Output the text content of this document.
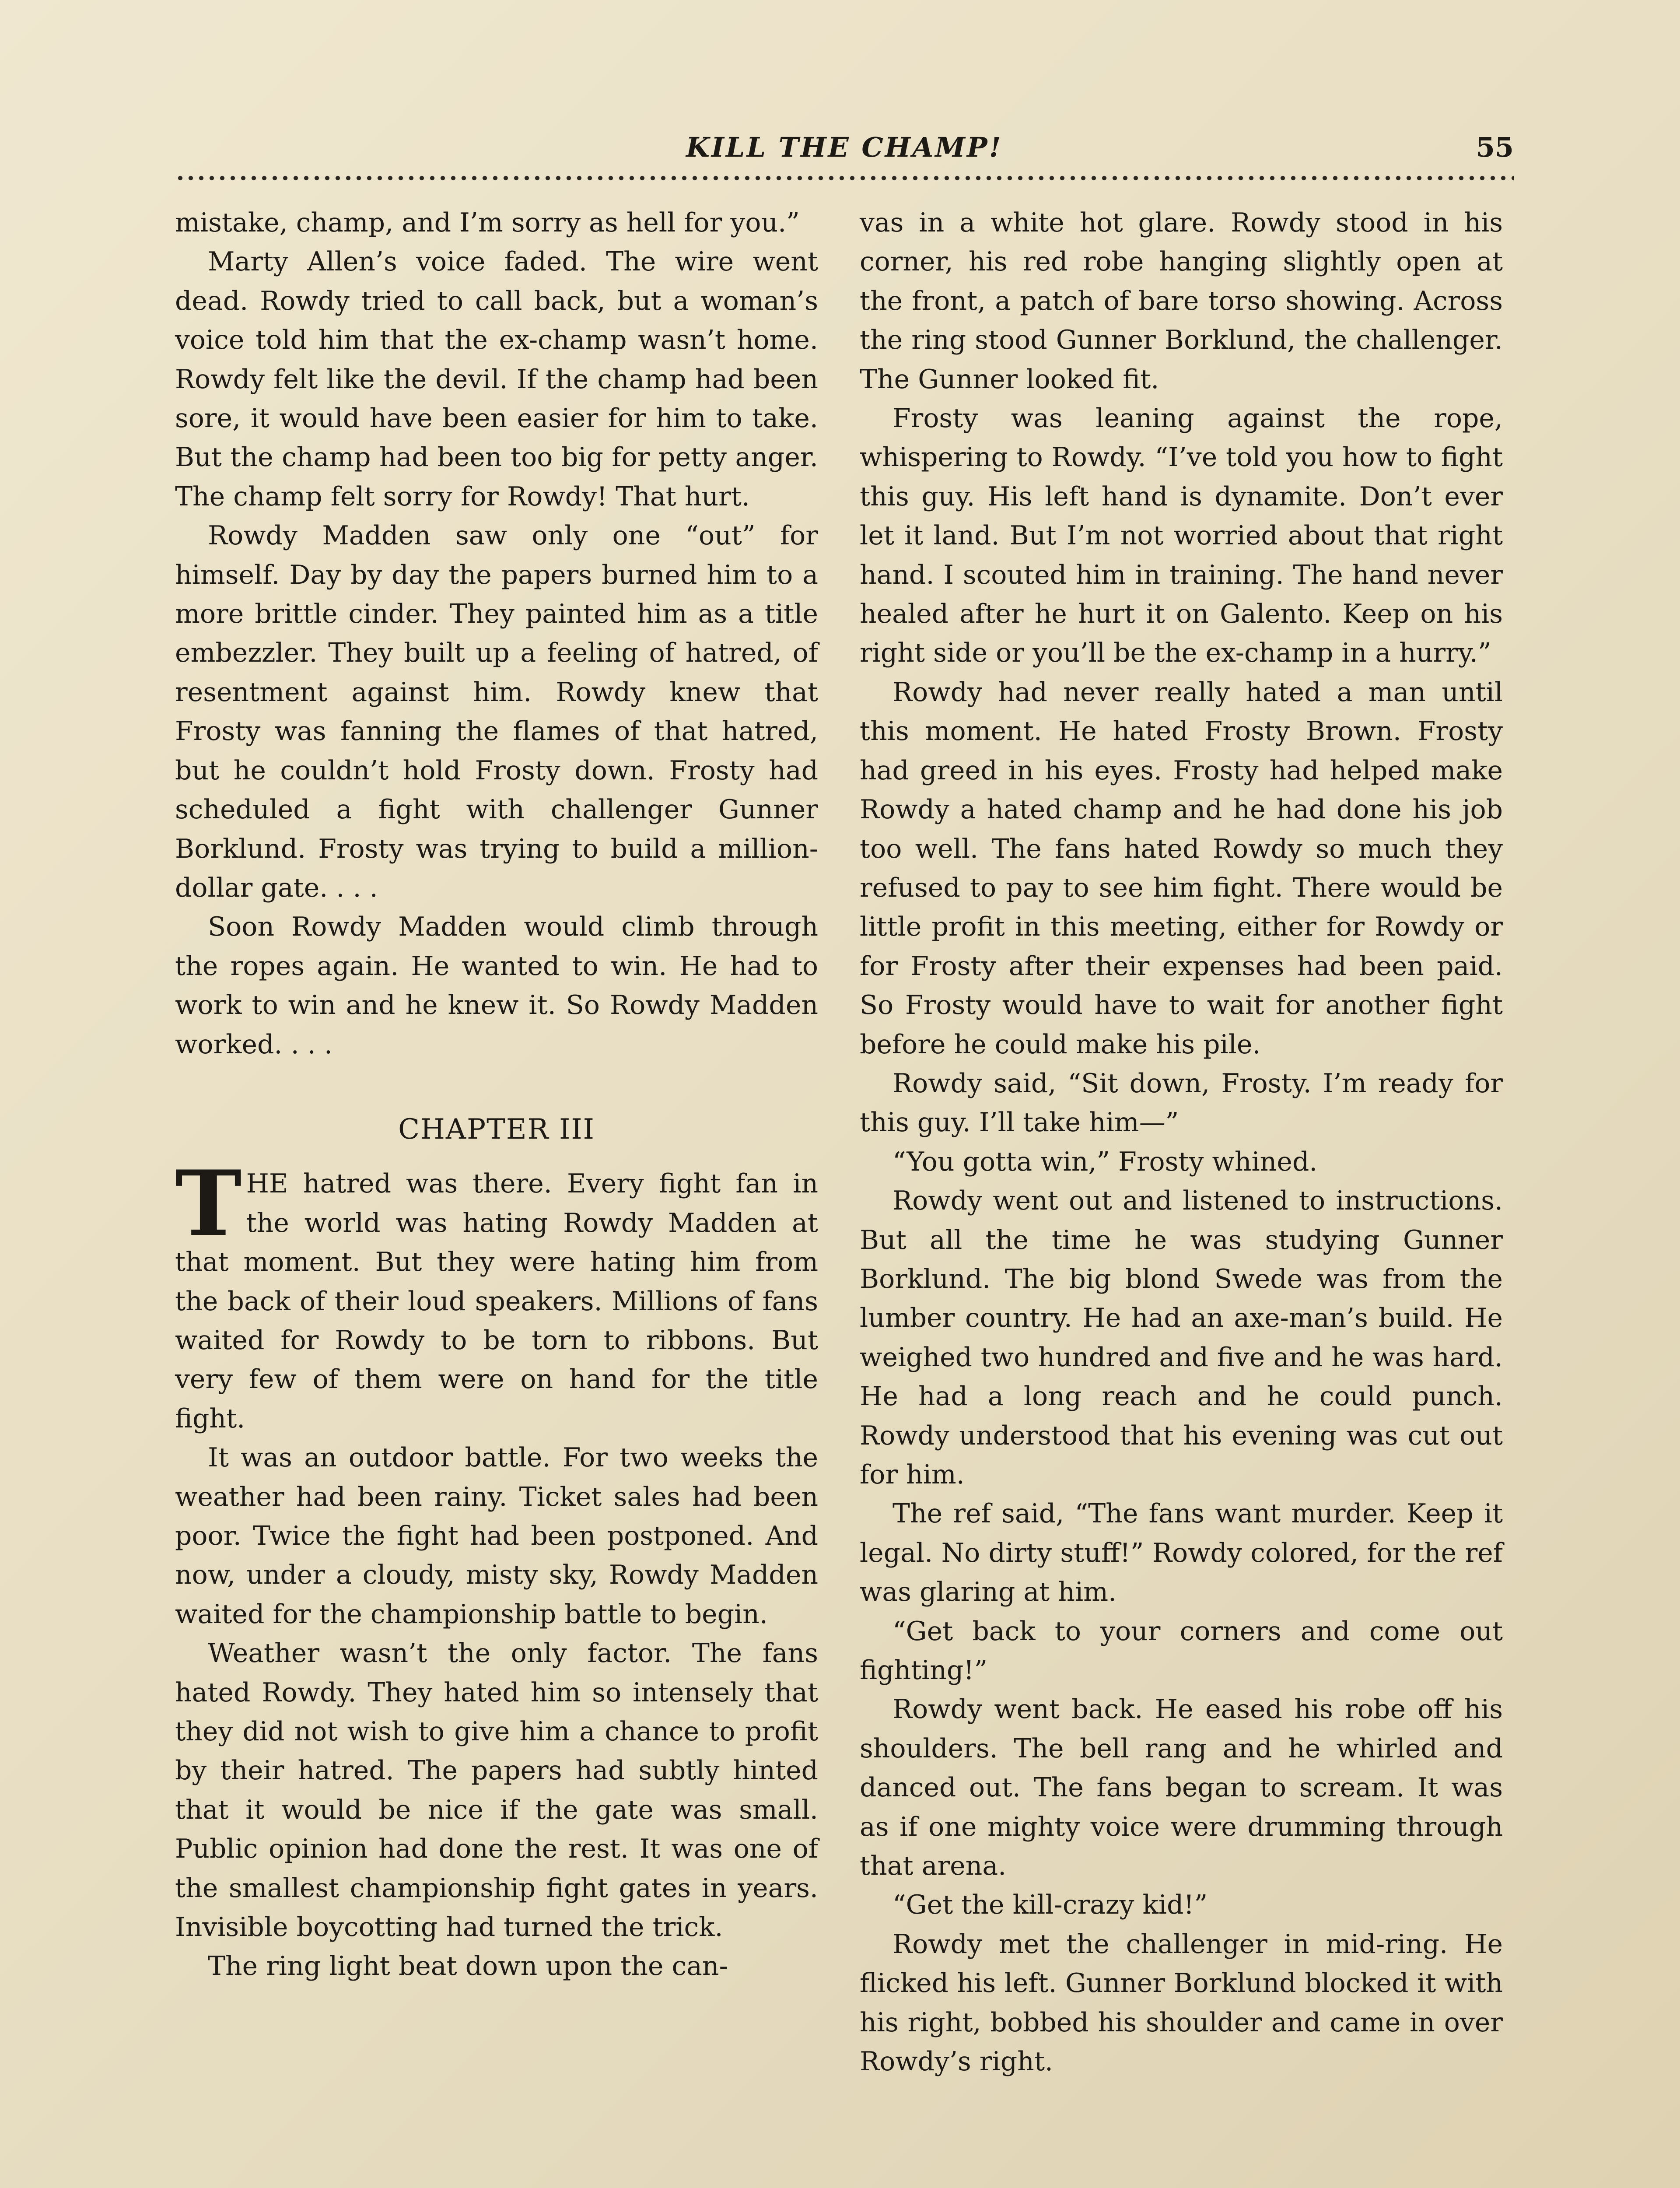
KILL THE CHAMP!	55

mistake, champ, and I’m sorry as hell for you.”

Marty Allen’s voice faded. The wire went dead. Rowdy tried to call back, but a woman’s voice told him that the ex-champ wasn’t home. Rowdy felt like the devil. If the champ had been sore, it would have been easier for him to take. But the champ had been too big for petty anger. The champ felt sorry for Rowdy! That hurt.

Rowdy Madden saw only one “out” for himself. Day by day the papers burned him to a more brittle cinder. They painted him as a title embezzler. They built up a feeling of hatred, of resentment against him. Rowdy knew that Frosty was fanning the flames of that hatred, but he couldn’t hold Frosty down. Frosty had scheduled a fight with challenger Gunner Borklund. Frosty was trying to build a million-dollar gate. . . .

Soon Rowdy Madden would climb through the ropes again. He wanted to win. He had to work to win and he knew it. So Rowdy Madden worked. . . .

CHAPTER III

THE hatred was there. Every fight fan in the world was hating Rowdy Madden at that moment. But they were hating him from the back of their loud speakers. Millions of fans waited for Rowdy to be torn to ribbons. But very few of them were on hand for the title fight.

It was an outdoor battle. For two weeks the weather had been rainy. Ticket sales had been poor. Twice the fight had been postponed. And now, under a cloudy, misty sky, Rowdy Madden waited for the championship battle to begin.

Weather wasn’t the only factor. The fans hated Rowdy. They hated him so intensely that they did not wish to give him a chance to profit by their hatred. The papers had subtly hinted that it would be nice if the gate was small. Public opinion had done the rest. It was one of the smallest championship fight gates in years. Invisible boycotting had turned the trick.

The ring light beat down upon the can-

vas in a white hot glare. Rowdy stood in his corner, his red robe hanging slightly open at the front, a patch of bare torso showing. Across the ring stood Gunner Borklund, the challenger. The Gunner looked fit.

Frosty was leaning against the rope, whispering to Rowdy. “I’ve told you how to fight this guy. His left hand is dynamite. Don’t ever let it land. But I’m not worried about that right hand. I scouted him in training. The hand never healed after he hurt it on Galento. Keep on his right side or you’ll be the ex-champ in a hurry.”

Rowdy had never really hated a man until this moment. He hated Frosty Brown. Frosty had greed in his eyes. Frosty had helped make Rowdy a hated champ and he had done his job too well. The fans hated Rowdy so much they refused to pay to see him fight. There would be little profit in this meeting, either for Rowdy or for Frosty after their expenses had been paid. So Frosty would have to wait for another fight before he could make his pile.

Rowdy said, “Sit down, Frosty. I’m ready for this guy. I’ll take him—”

“You gotta win,” Frosty whined.

Rowdy went out and listened to instructions. But all the time he was studying Gunner Borklund. The big blond Swede was from the lumber country. He had an axe-man’s build. He weighed two hundred and five and he was hard. He had a long reach and he could punch. Rowdy understood that his evening was cut out for him.

The ref said, “The fans want murder. Keep it legal. No dirty stuff!” Rowdy colored, for the ref was glaring at him.

“Get back to your corners and come out fighting!”

Rowdy went back. He eased his robe off his shoulders. The bell rang and he whirled and danced out. The fans began to scream. It was as if one mighty voice were drumming through that arena.

“Get the kill-crazy kid!”

Rowdy met the challenger in mid-ring. He flicked his left. Gunner Borklund blocked it with his right, bobbed his shoulder and came in over Rowdy’s right.
